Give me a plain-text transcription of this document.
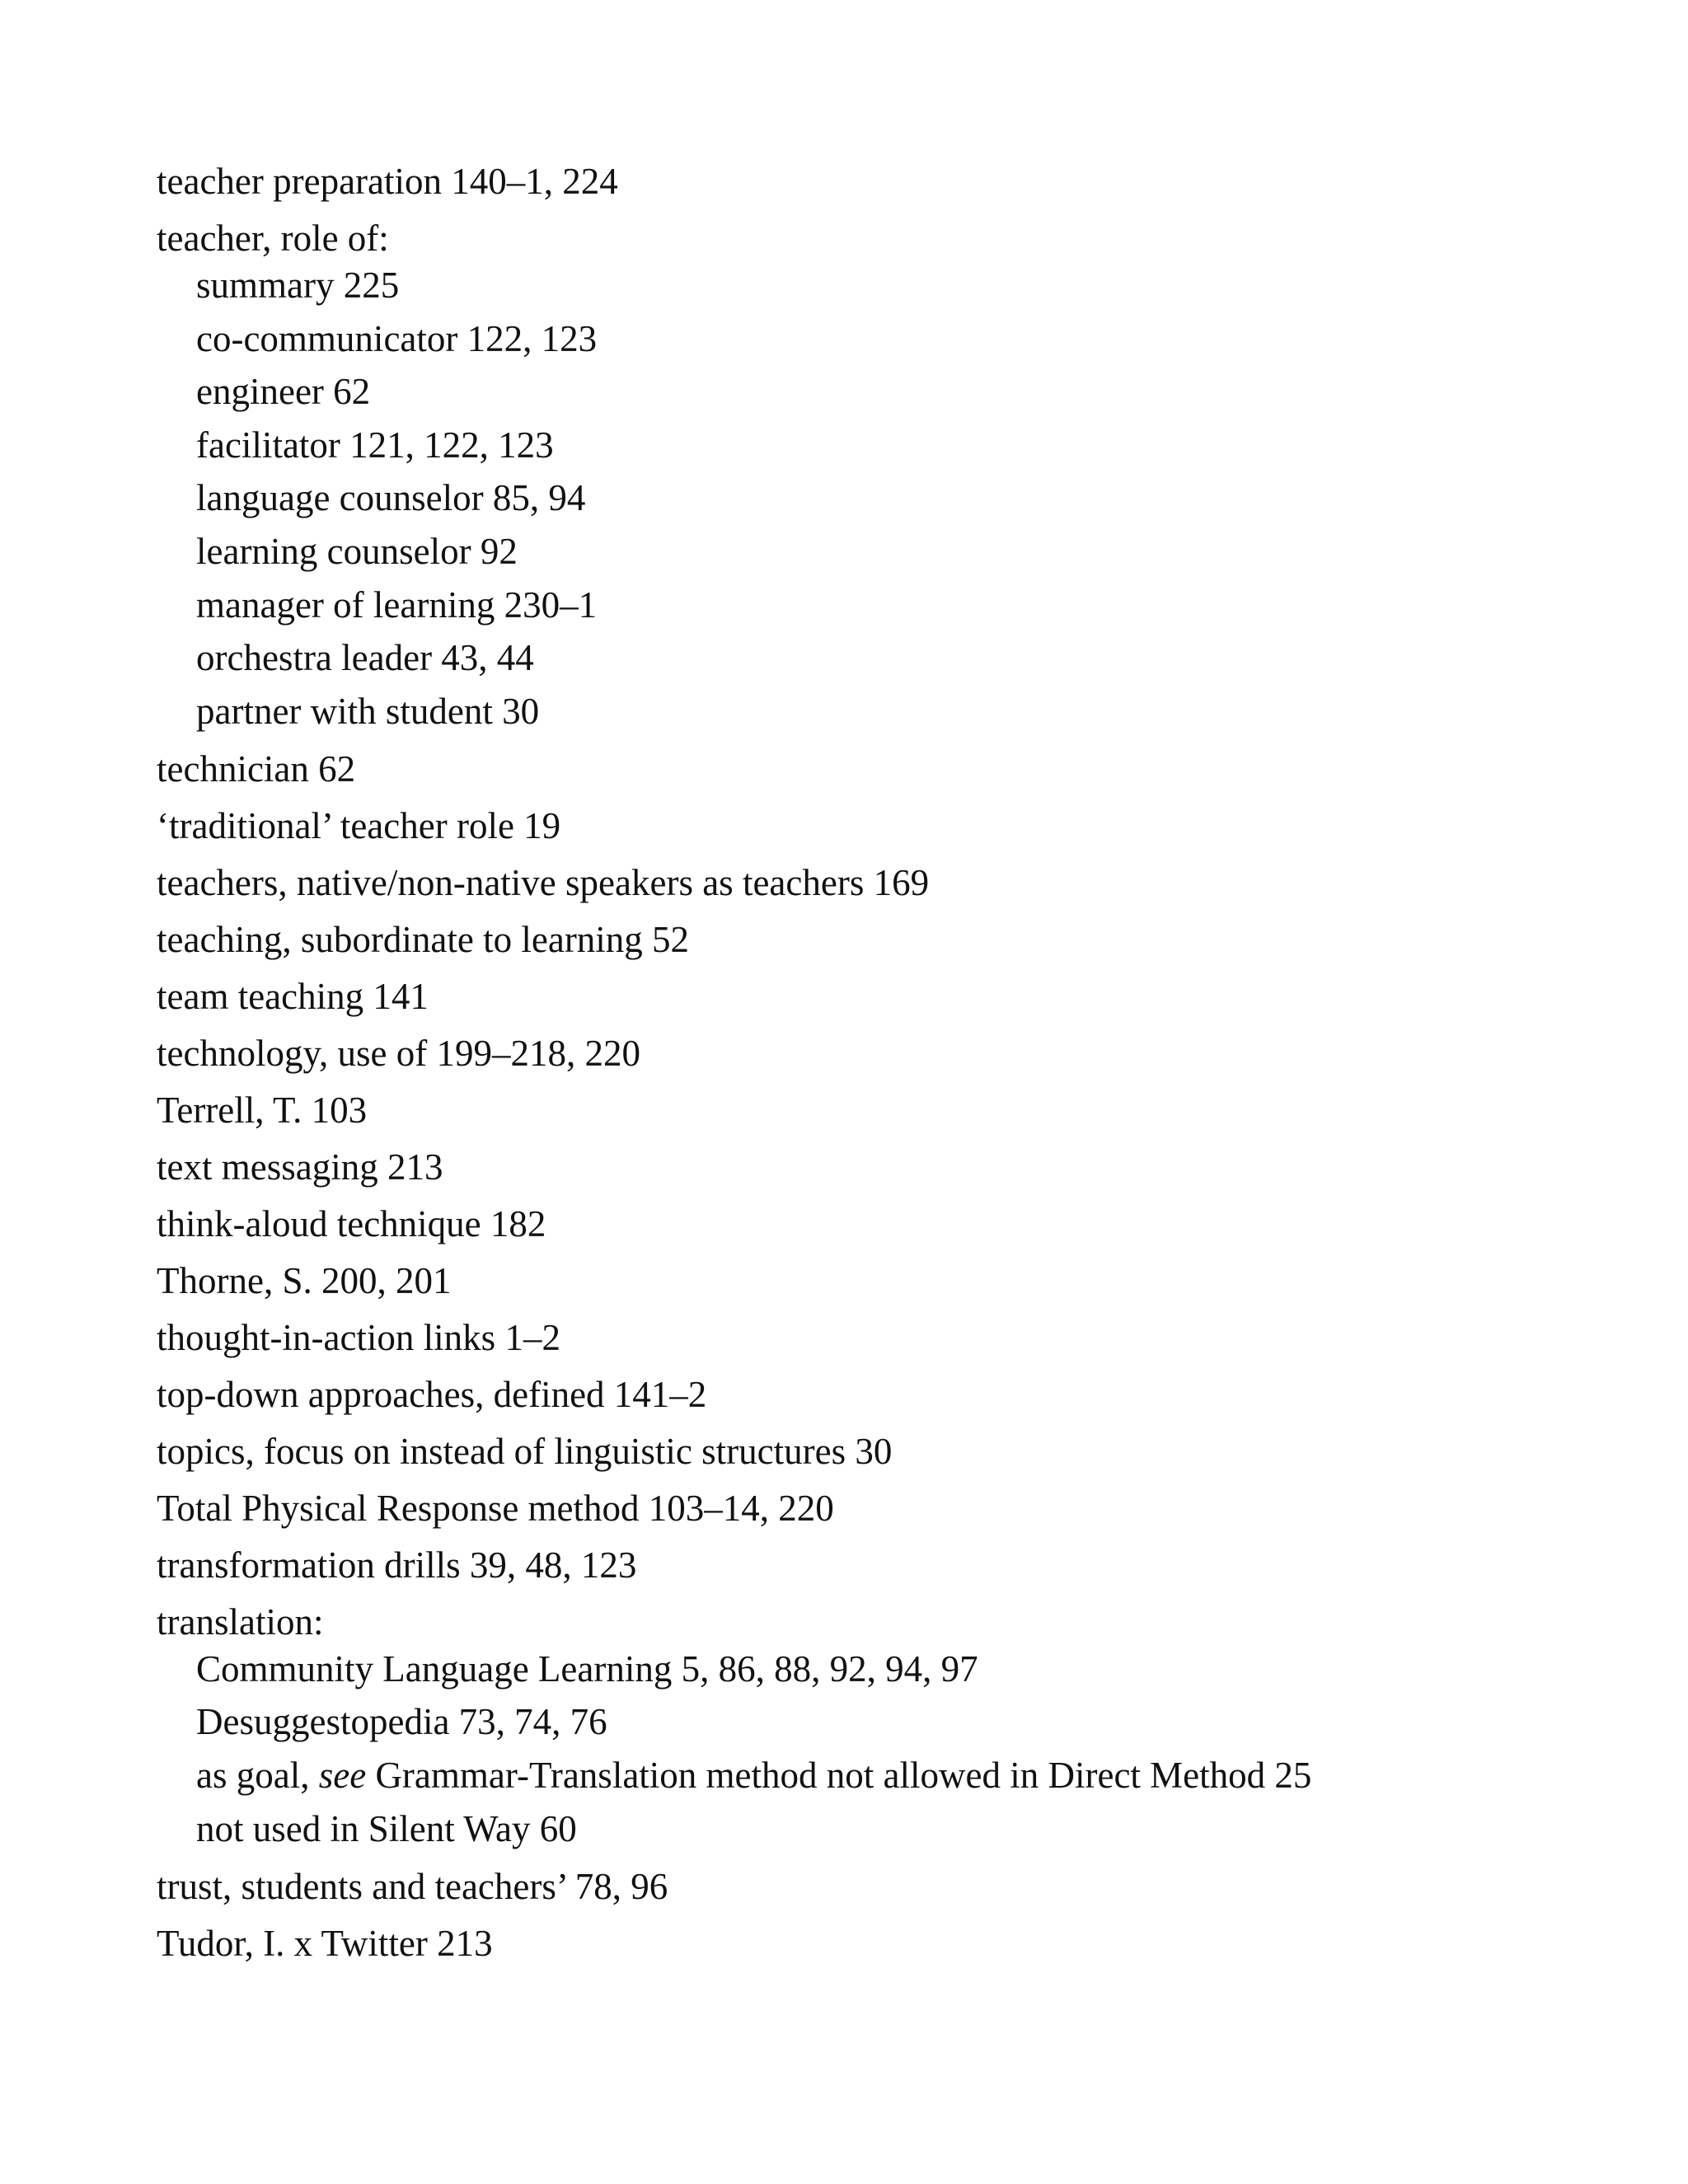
teacher preparation 140–1, 224
teacher, role of:
summary 225
co-communicator 122, 123
engineer 62
facilitator 121, 122, 123
language counselor 85, 94
learning counselor 92
manager of learning 230–1
orchestra leader 43, 44
partner with student 30
technician 62
‘traditional’ teacher role 19
teachers, native/non-native speakers as teachers 169
teaching, subordinate to learning 52
team teaching 141
technology, use of 199–218, 220
Terrell, T. 103
text messaging 213
think-aloud technique 182
Thorne, S. 200, 201
thought-in-action links 1–2
top-down approaches, defined 141–2
topics, focus on instead of linguistic structures 30
Total Physical Response method 103–14, 220
transformation drills 39, 48, 123
translation:
Community Language Learning 5, 86, 88, 92, 94, 97
Desuggestopedia 73, 74, 76
as goal, see Grammar-Translation method not allowed in Direct Method 25
not used in Silent Way 60
trust, students and teachers’ 78, 96
Tudor, I. x Twitter 213
